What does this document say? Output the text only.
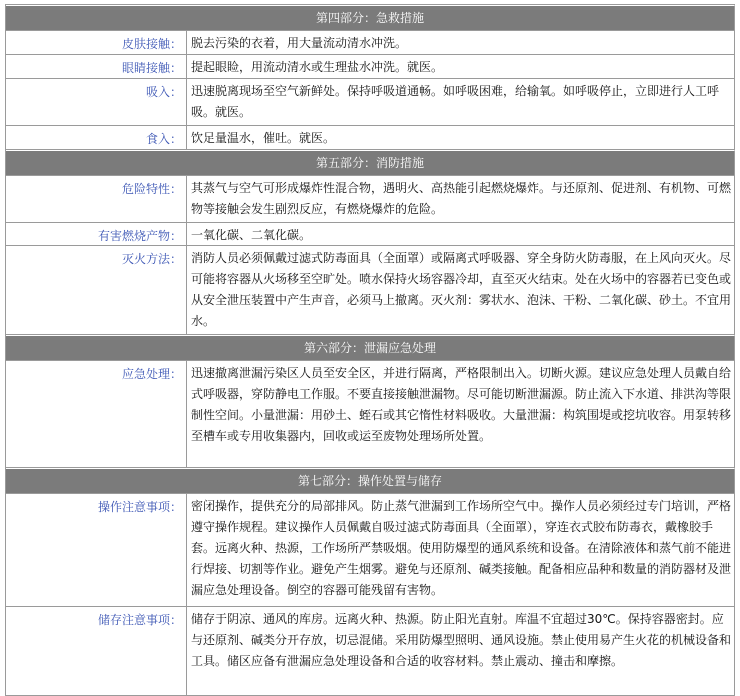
第四部分：急救措施
皮肤接触： 脱去污染的衣着，用大量流动清水冲洗。
眼睛接触： 提起眼睑，用流动清水或生理盐水冲洗。就医。
吸入： 迅速脱离现场至空气新鲜处。保持呼吸道通畅。如呼吸困难，给输氧。如呼吸停止，立即进行人工呼吸。就医。
食入： 饮足量温水，催吐。就医。
第五部分：消防措施
危险特性： 其蒸气与空气可形成爆炸性混合物，遇明火、高热能引起燃烧爆炸。与还原剂、促进剂、有机物、可燃物等接触会发生剧烈反应，有燃烧爆炸的危险。
有害燃烧产物： 一氧化碳、二氧化碳。
灭火方法： 消防人员必须佩戴过滤式防毒面具（全面罩）或隔离式呼吸器、穿全身防火防毒服，在上风向灭火。尽可能将容器从火场移至空旷处。喷水保持火场容器冷却，直至灭火结束。处在火场中的容器若已变色或从安全泄压装置中产生声音，必须马上撤离。灭火剂：雾状水、泡沫、干粉、二氧化碳、砂土。不宜用水。
第六部分：泄漏应急处理
应急处理： 迅速撤离泄漏污染区人员至安全区，并进行隔离，严格限制出入。切断火源。建议应急处理人员戴自给式呼吸器，穿防静电工作服。不要直接接触泄漏物。尽可能切断泄漏源。防止流入下水道、排洪沟等限制性空间。小量泄漏：用砂土、蛭石或其它惰性材料吸收。大量泄漏：构筑围堤或挖坑收容。用泵转移至槽车或专用收集器内，回收或运至废物处理场所处置。
第七部分：操作处置与储存
操作注意事项： 密闭操作，提供充分的局部排风。防止蒸气泄漏到工作场所空气中。操作人员必须经过专门培训，严格遵守操作规程。建议操作人员佩戴自吸过滤式防毒面具（全面罩），穿连衣式胶布防毒衣，戴橡胶手套。远离火种、热源，工作场所严禁吸烟。使用防爆型的通风系统和设备。在清除液体和蒸气前不能进行焊接、切割等作业。避免产生烟雾。避免与还原剂、碱类接触。配备相应品种和数量的消防器材及泄漏应急处理设备。倒空的容器可能残留有害物。
储存注意事项： 储存于阴凉、通风的库房。远离火种、热源。防止阳光直射。库温不宜超过30℃。保持容器密封。应与还原剂、碱类分开存放，切忌混储。采用防爆型照明、通风设施。禁止使用易产生火花的机械设备和工具。储区应备有泄漏应急处理设备和合适的收容材料。禁止震动、撞击和摩擦。
